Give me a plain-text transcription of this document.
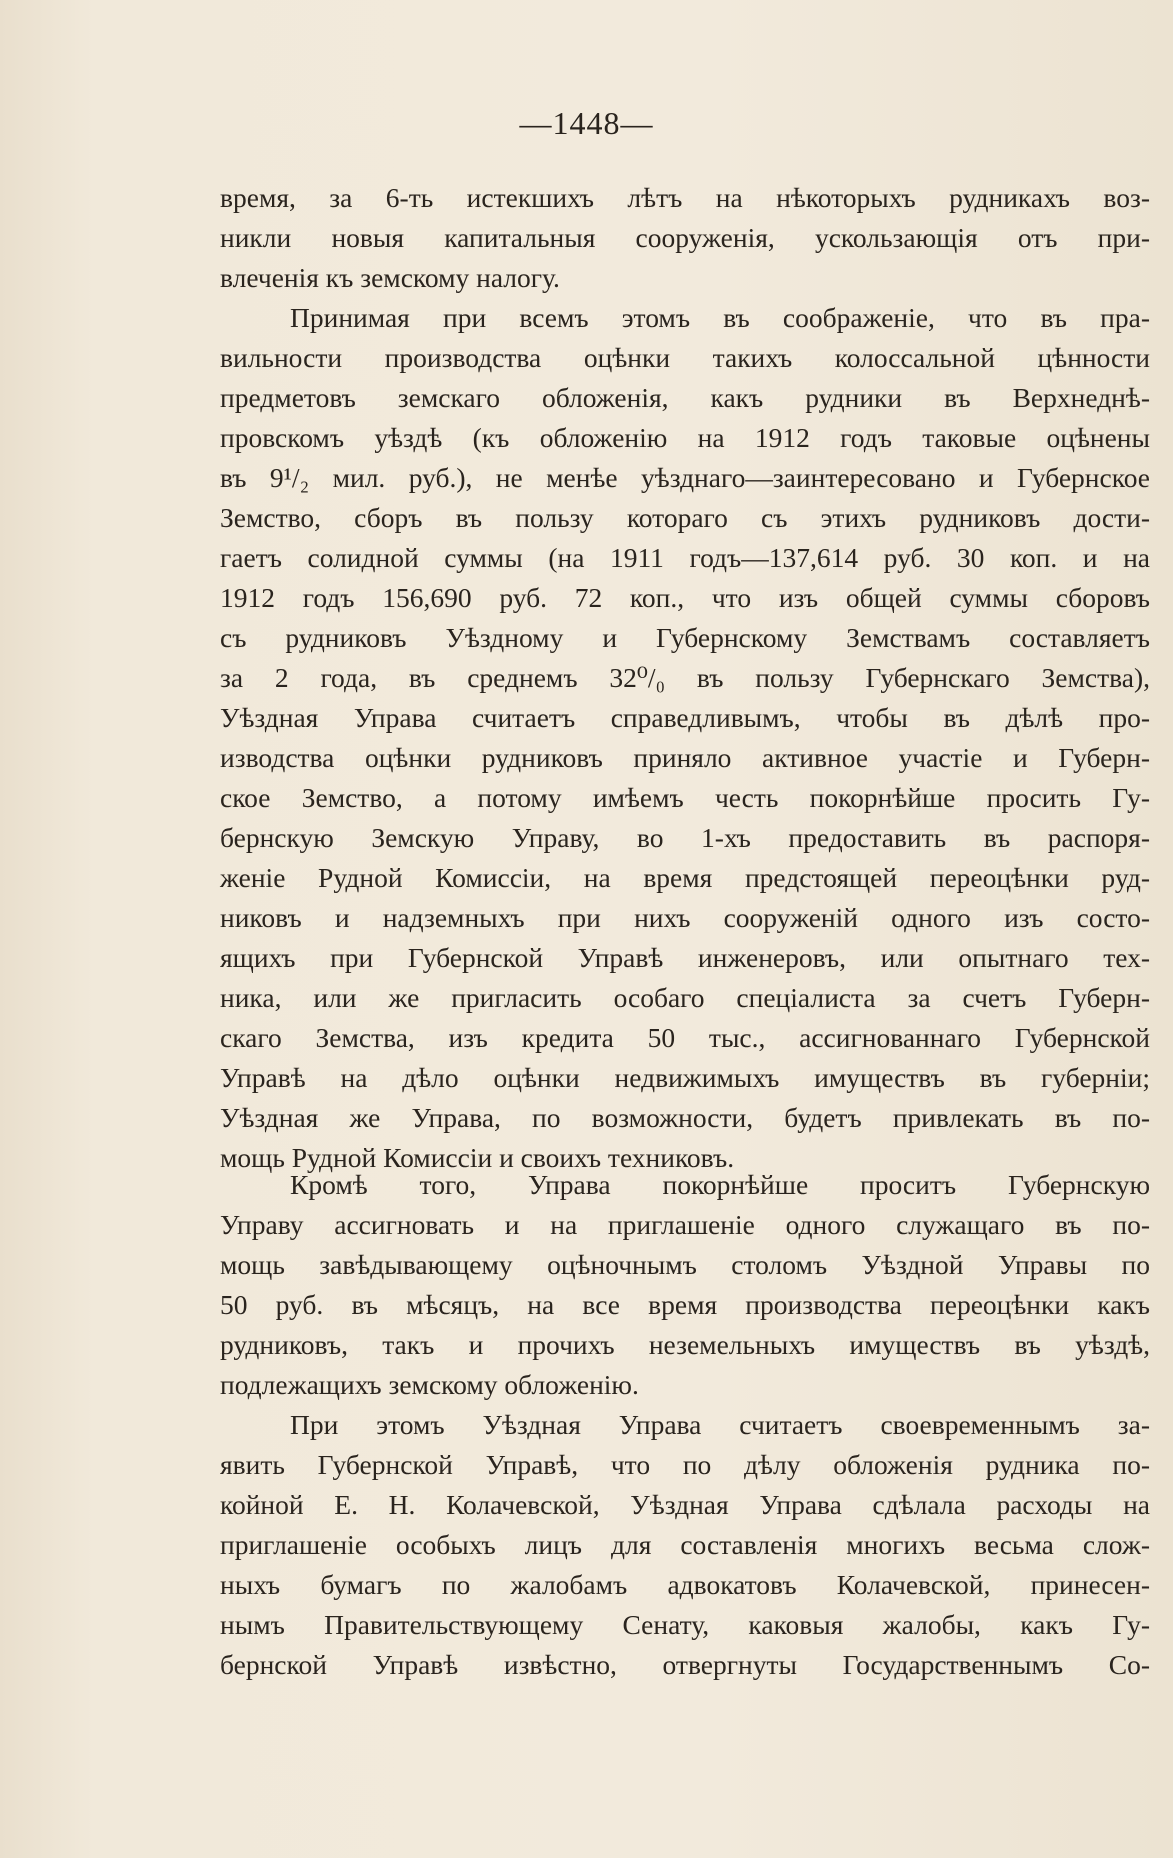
—1448—
время, за 6-ть истекшихъ лѣтъ на нѣкоторыхъ рудникахъ воз-
никли новыя капитальныя сооруженія, ускользающія отъ при-
влеченія къ земскому налогу.
Принимая при всемъ этомъ въ соображеніе, что въ пра-
вильности производства оцѣнки такихъ колоссальной цѣнности
предметовъ земскаго обложенія, какъ рудники въ Верхнеднѣ-
провскомъ уѣздѣ (къ обложенію на 1912 годъ таковые оцѣнены
въ 9¹/₂ мил. руб.), не менѣе уѣзднаго—заинтересовано и Губернское
Земство, сборъ въ пользу котораго съ этихъ рудниковъ дости-
гаетъ солидной суммы (на 1911 годъ—137,614 руб. 30 коп. и на
1912 годъ 156,690 руб. 72 коп., что изъ общей суммы сборовъ
съ рудниковъ Уѣздному и Губернскому Земствамъ составляетъ
за 2 года, въ среднемъ 32⁰/₀ въ пользу Губернскаго Земства),
Уѣздная Управа считаетъ справедливымъ, чтобы въ дѣлѣ про-
изводства оцѣнки рудниковъ приняло активное участіе и Губерн-
ское Земство, а потому имѣемъ честь покорнѣйше просить Гу-
бернскую Земскую Управу, во 1-хъ предоставить въ распоря-
женіе Рудной Комиссіи, на время предстоящей переоцѣнки руд-
никовъ и надземныхъ при нихъ сооруженій одного изъ состо-
ящихъ при Губернской Управѣ инженеровъ, или опытнаго тех-
ника, или же пригласить особаго спеціалиста за счетъ Губерн-
скаго Земства, изъ кредита 50 тыс., ассигнованнаго Губернской
Управѣ на дѣло оцѣнки недвижимыхъ имуществъ въ губерніи;
Уѣздная же Управа, по возможности, будетъ привлекать въ по-
мощь Рудной Комиссіи и своихъ техниковъ.
Кромѣ того, Управа покорнѣйше проситъ Губернскую
Управу ассигновать и на приглашеніе одного служащаго въ по-
мощь завѣдывающему оцѣночнымъ столомъ Уѣздной Управы по
50 руб. въ мѣсяцъ, на все время производства переоцѣнки какъ
рудниковъ, такъ и прочихъ неземельныхъ имуществъ въ уѣздѣ,
подлежащихъ земскому обложенію.
При этомъ Уѣздная Управа считаетъ своевременнымъ за-
явить Губернской Управѣ, что по дѣлу обложенія рудника по-
койной Е. Н. Колачевской, Уѣздная Управа сдѣлала расходы на
приглашеніе особыхъ лицъ для составленія многихъ весьма слож-
ныхъ бумагъ по жалобамъ адвокатовъ Колачевской, принесен-
нымъ Правительствующему Сенату, каковыя жалобы, какъ Гу-
бернской Управѣ извѣстно, отвергнуты Государственнымъ Со-
